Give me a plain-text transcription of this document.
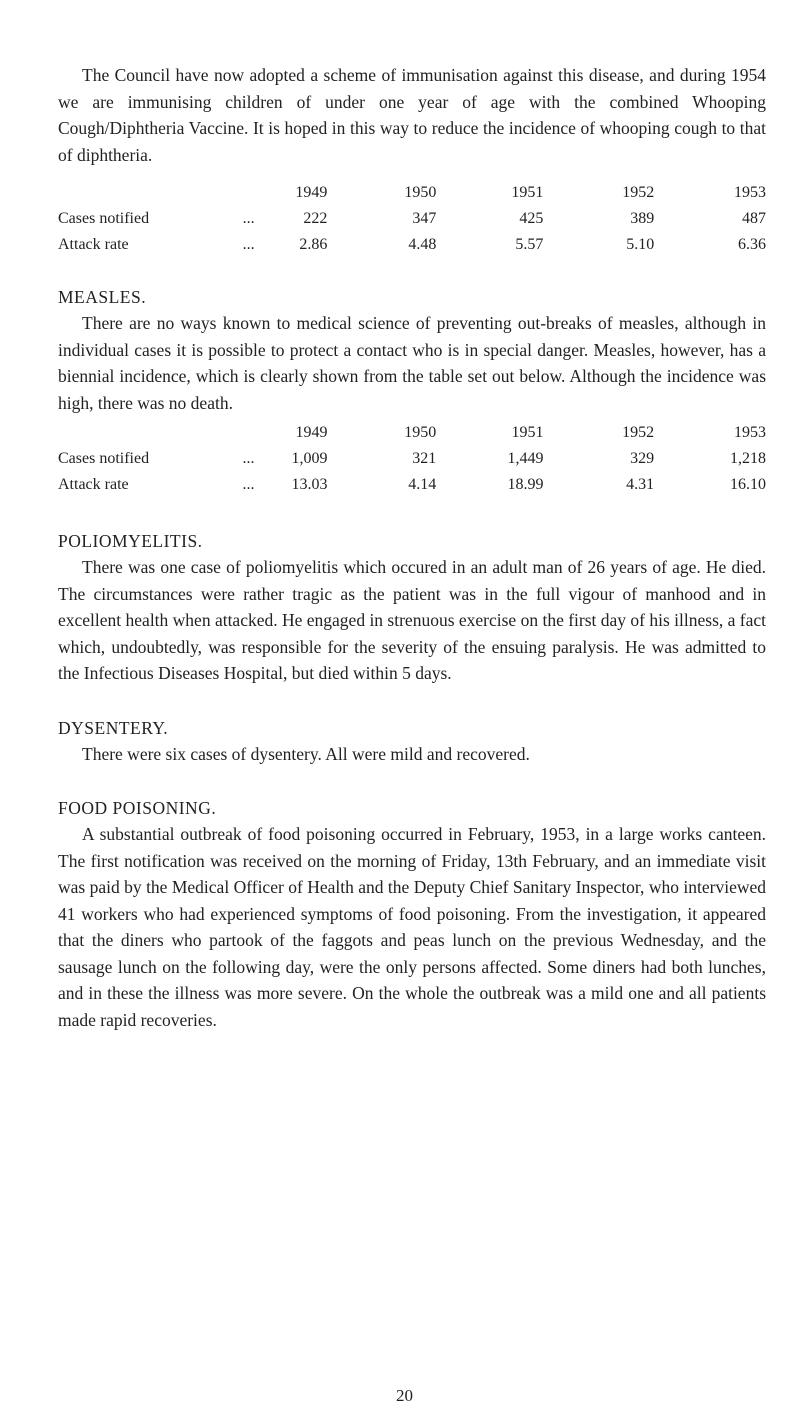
The Council have now adopted a scheme of immunisation against this disease, and during 1954 we are immunising children of under one year of age with the combined Whooping Cough/Diphtheria Vaccine. It is hoped in this way to reduce the incidence of whooping cough to that of diphtheria.

		1949	1950	1951	1952	1953
Cases notified	...	222	347	425	389	487
Attack rate	...	2.86	4.48	5.57	5.10	6.36
MEASLES.

There are no ways known to medical science of preventing out-breaks of measles, although in individual cases it is possible to protect a contact who is in special danger. Measles, however, has a biennial incidence, which is clearly shown from the table set out below. Although the incidence was high, there was no death.

		1949	1950	1951	1952	1953
Cases notified	...	1,009	321	1,449	329	1,218
Attack rate	...	13.03	4.14	18.99	4.31	16.10
POLIOMYELITIS.

There was one case of poliomyelitis which occured in an adult man of 26 years of age. He died. The circumstances were rather tragic as the patient was in the full vigour of manhood and in excellent health when attacked. He engaged in strenuous exercise on the first day of his illness, a fact which, undoubtedly, was responsible for the severity of the ensuing paralysis. He was admitted to the Infectious Diseases Hospital, but died within 5 days.

DYSENTERY.

There were six cases of dysentery. All were mild and recovered.

FOOD POISONING.

A substantial outbreak of food poisoning occurred in February, 1953, in a large works canteen. The first notification was received on the morning of Friday, 13th February, and an immediate visit was paid by the Medical Officer of Health and the Deputy Chief Sanitary Inspector, who interviewed 41 workers who had experienced symptoms of food poisoning. From the investigation, it appeared that the diners who partook of the faggots and peas lunch on the previous Wednesday, and the sausage lunch on the following day, were the only persons affected. Some diners had both lunches, and in these the illness was more severe. On the whole the outbreak was a mild one and all patients made rapid recoveries.

20
